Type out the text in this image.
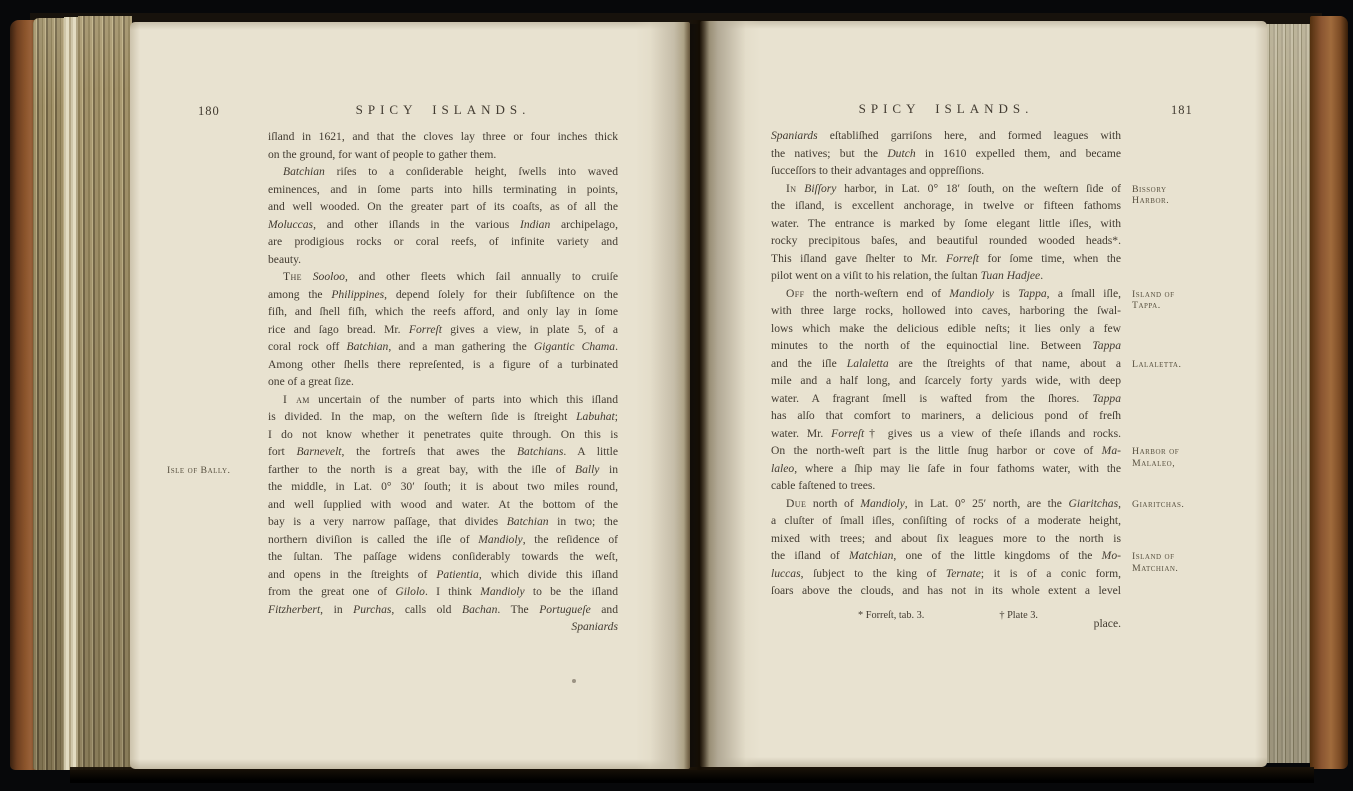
180	SPICY ISLANDS.
iſland in 1621, and that the cloves lay three or four inches thick
on the ground, for want of people to gather them.
Batchian riſes to a conſiderable height, ſwells into waved
eminences, and in ſome parts into hills terminating in points,
and well wooded. On the greater part of its coaſts, as of all the
Moluccas, and other iſlands in the various Indian archipelago,
are prodigious rocks or coral reefs, of infinite variety and
beauty.
The Sooloo, and other fleets which ſail annually to cruiſe
among the Philippines, depend ſolely for their ſubſiſtence on the
fiſh, and ſhell fiſh, which the reefs afford, and only lay in ſome
rice and ſago bread. Mr. Forreſt gives a view, in plate 5, of a
coral rock off Batchian, and a man gathering the Gigantic Chama.
Among other ſhells there repreſented, is a figure of a turbinated
one of a great ſize.
I am uncertain of the number of parts into which this iſland
is divided. In the map, on the weſtern ſide is ſtreight Labuhat;
I do not know whether it penetrates quite through. On this is
fort Barnevelt, the fortreſs that awes the Batchians. A little
farther to the north is a great bay, with the iſle of Bally in
the middle, in Lat. 0° 30′ ſouth; it is about two miles round,
and well ſupplied with wood and water. At the bottom of the
bay is a very narrow paſſage, that divides Batchian in two; the
northern diviſion is called the iſle of Mandioly, the reſidence of
the ſultan. The paſſage widens conſiderably towards the weſt,
and opens in the ſtreights of Patientia, which divide this iſland
from the great one of Gilolo. I think Mandioly to be the iſland
Fitzherbert, in Purchas, calls old Bachan. The Portugueſe and
Spaniards
Isle of Bally.
181
SPICY ISLANDS.
Spaniards eſtabliſhed garriſons here, and formed leagues with
the natives; but the Dutch in 1610 expelled them, and became
ſucceſſors to their advantages and oppreſſions.
In Biſſory harbor, in Lat. 0° 18′ ſouth, on the weſtern ſide of
the iſland, is excellent anchorage, in twelve or fifteen fathoms
water. The entrance is marked by ſome elegant little iſles, with
rocky precipitous baſes, and beautiful rounded wooded heads*.
This iſland gave ſhelter to Mr. Forreſt for ſome time, when the
pilot went on a viſit to his relation, the ſultan Tuan Hadjee.
Off the north-weſtern end of Mandioly is Tappa, a ſmall iſle,
with three large rocks, hollowed into caves, harboring the ſwal-
lows which make the delicious edible neſts; it lies only a few
minutes to the north of the equinoctial line. Between Tappa
and the iſle Lalaletta are the ſtreights of that name, about a
mile and a half long, and ſcarcely forty yards wide, with deep
water. A fragrant ſmell is wafted from the ſhores. Tappa
has alſo that comfort to mariners, a delicious pond of freſh
water. Mr. Forreſt† gives us a view of theſe iſlands and rocks.
On the north-weſt part is the little ſnug harbor or cove of Ma-
laleo, where a ſhip may lie ſafe in four fathoms water, with the
cable faſtened to trees.
Due north of Mandioly, in Lat. 0° 25′ north, are the Giaritchas,
a cluſter of ſmall iſles, conſiſting of rocks of a moderate height,
mixed with trees; and about ſix leagues more to the north is
the iſland of Matchian, one of the little kingdoms of the Mo-
luccas, ſubject to the king of Ternate; it is of a conic form,
ſoars above the clouds, and has not in its whole extent a level
* Forreſt, tab. 3.	† Plate 3.
place.
Bissory
Harbor.
Island of
Tappa.
Lalaletta.
Harbor of
Malaleo,
Giaritchas.
Island of
Matchian.
